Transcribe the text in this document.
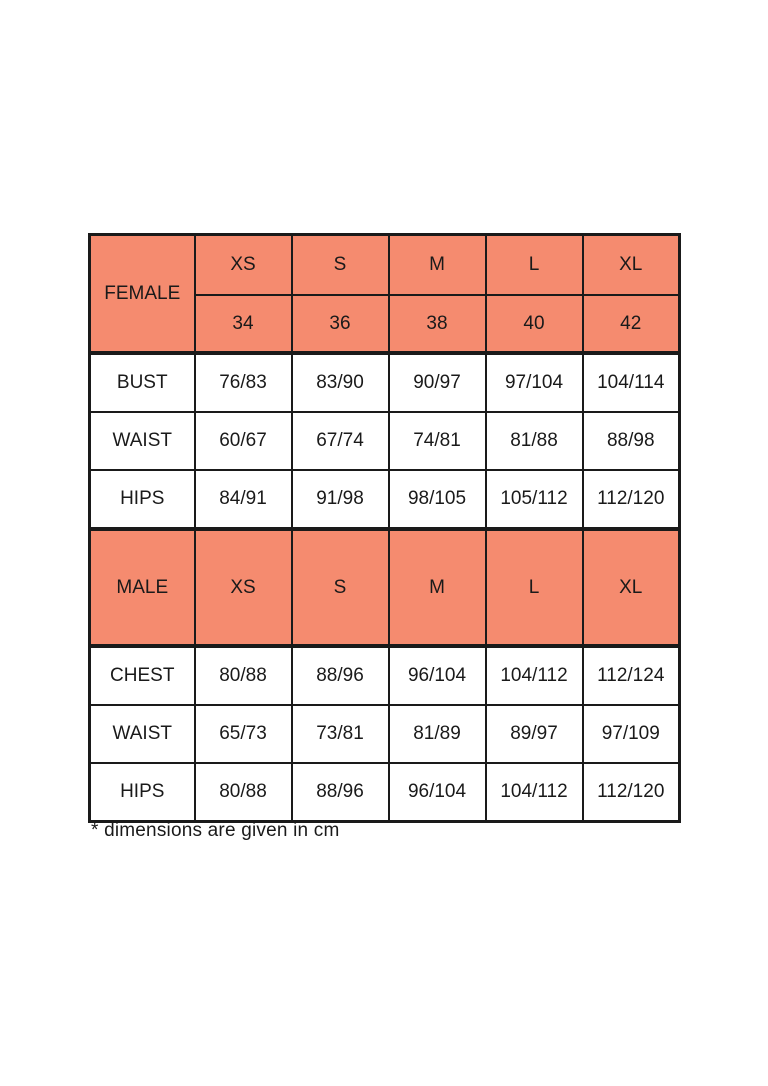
FEMALE	XS	S	M	L	XL
	34	36	38	40	42
BUST	76/83	83/90	90/97	97/104	104/114
WAIST	60/67	67/74	74/81	81/88	88/98
HIPS	84/91	91/98	98/105	105/112	112/120
MALE	XS	S	M	L	XL
CHEST	80/88	88/96	96/104	104/112	112/124
WAIST	65/73	73/81	81/89	89/97	97/109
HIPS	80/88	88/96	96/104	104/112	112/120
* dimensions are given in cm
